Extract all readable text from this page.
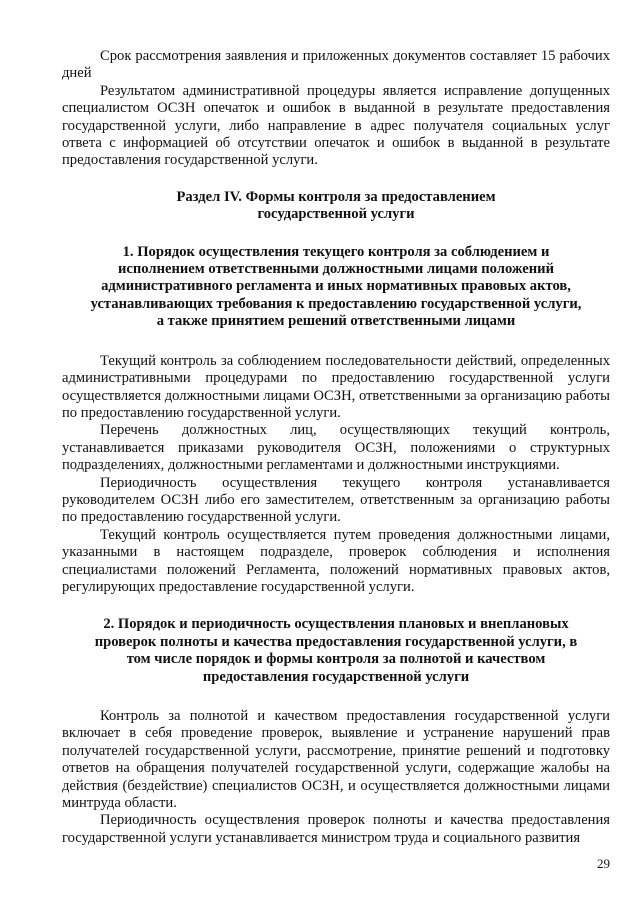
Срок рассмотрения заявления и приложенных документов составляет 15 рабочих дней

Результатом административной процедуры является исправление допущенных специалистом ОСЗН опечаток и ошибок в выданной в результате предоставления государственной услуги, либо направление в адрес получателя социальных услуг ответа с информацией об отсутствии опечаток и ошибок в выданной в результате предоставления государственной услуги.

Раздел IV. Формы контроля за предоставлением
государственной услуги
1. Порядок осуществления текущего контроля за соблюдением и
исполнением ответственными должностными лицами положений
административного регламента и иных нормативных правовых актов,
устанавливающих требования к предоставлению государственной услуги,
а также принятием решений ответственными лицами

Текущий контроль за соблюдением последовательности действий, определенных административными процедурами по предоставлению государственной услуги осуществляется должностными лицами ОСЗН, ответственными за организацию работы по предоставлению государственной услуги.

Перечень должностных лиц, осуществляющих текущий контроль, устанавливается приказами руководителя ОСЗН, положениями о структурных подразделениях, должностными регламентами и должностными инструкциями.

Периодичность осуществления текущего контроля устанавливается руководителем ОСЗН либо его заместителем, ответственным за организацию работы по предоставлению государственной услуги.

Текущий контроль осуществляется путем проведения должностными лицами, указанными в настоящем подразделе, проверок соблюдения и исполнения специалистами положений Регламента, положений нормативных правовых актов, регулирующих предоставление государственной услуги.

2. Порядок и периодичность осуществления плановых и внеплановых
проверок полноты и качества предоставления государственной услуги, в
том числе порядок и формы контроля за полнотой и качеством
предоставления государственной услуги

Контроль за полнотой и качеством предоставления государственной услуги включает в себя проведение проверок, выявление и устранение нарушений прав получателей государственной услуги, рассмотрение, принятие решений и подготовку ответов на обращения получателей государственной услуги, содержащие жалобы на действия (бездействие) специалистов ОСЗН, и осуществляется должностными лицами минтруда области.

Периодичность осуществления проверок полноты и качества предоставления государственной услуги устанавливается министром труда и социального развития

29
